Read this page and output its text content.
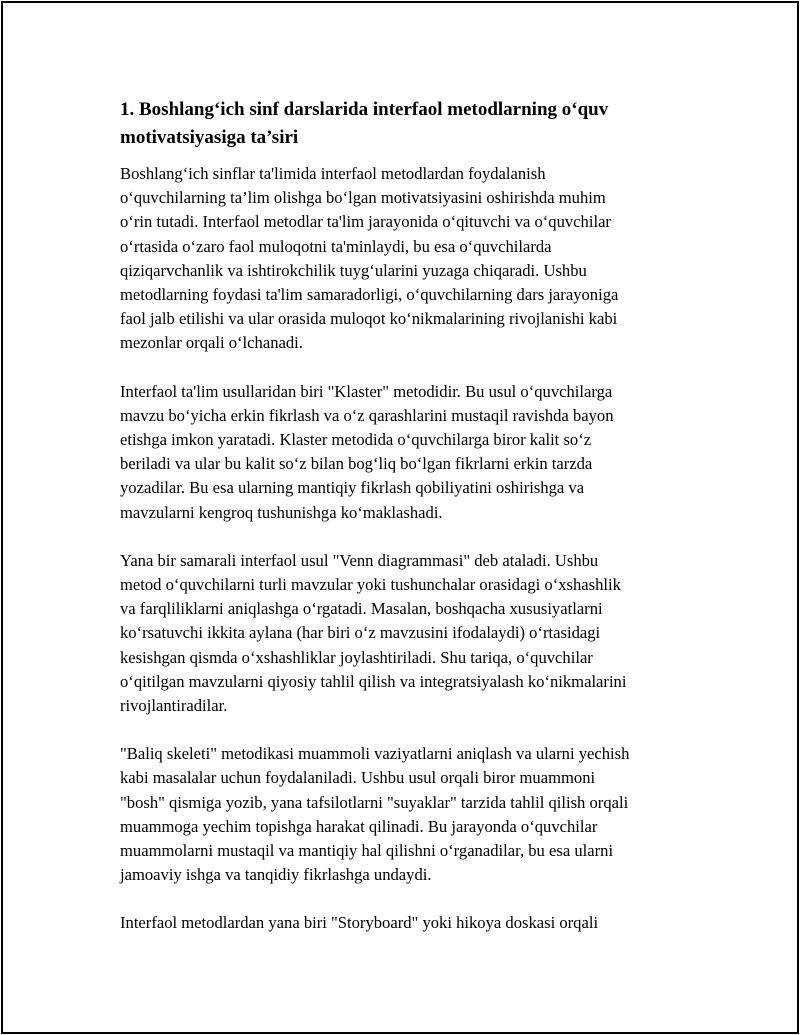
1. Boshlang‘ich sinf darslarida interfaol metodlarning o‘quv
motivatsiyasiga ta’siri

Boshlang‘ich sinflar ta'limida interfaol metodlardan foydalanish
o‘quvchilarning ta’lim olishga bo‘lgan motivatsiyasini oshirishda muhim
o‘rin tutadi. Interfaol metodlar ta'lim jarayonida o‘qituvchi va o‘quvchilar
o‘rtasida o‘zaro faol muloqotni ta'minlaydi, bu esa o‘quvchilarda
qiziqarvchanlik va ishtirokchilik tuyg‘ularini yuzaga chiqaradi. Ushbu
metodlarning foydasi ta'lim samaradorligi, o‘quvchilarning dars jarayoniga
faol jalb etilishi va ular orasida muloqot ko‘nikmalarining rivojlanishi kabi
mezonlar orqali o‘lchanadi.

Interfaol ta'lim usullaridan biri "Klaster" metodidir. Bu usul o‘quvchilarga
mavzu bo‘yicha erkin fikrlash va o‘z qarashlarini mustaqil ravishda bayon
etishga imkon yaratadi. Klaster metodida o‘quvchilarga biror kalit so‘z
beriladi va ular bu kalit so‘z bilan bog‘liq bo‘lgan fikrlarni erkin tarzda
yozadilar. Bu esa ularning mantiqiy fikrlash qobiliyatini oshirishga va
mavzularni kengroq tushunishga ko‘maklashadi.

Yana bir samarali interfaol usul "Venn diagrammasi" deb ataladi. Ushbu
metod o‘quvchilarni turli mavzular yoki tushunchalar orasidagi o‘xshashlik
va farqliliklarni aniqlashga o‘rgatadi. Masalan, boshqacha xususiyatlarni
ko‘rsatuvchi ikkita aylana (har biri o‘z mavzusini ifodalaydi) o‘rtasidagi
kesishgan qismda o‘xshashliklar joylashtiriladi. Shu tariqa, o‘quvchilar
o‘qitilgan mavzularni qiyosiy tahlil qilish va integratsiyalash ko‘nikmalarini
rivojlantiradilar.

"Baliq skeleti" metodikasi muammoli vaziyatlarni aniqlash va ularni yechish
kabi masalalar uchun foydalaniladi. Ushbu usul orqali biror muammoni
"bosh" qismiga yozib, yana tafsilotlarni "suyaklar" tarzida tahlil qilish orqali
muammoga yechim topishga harakat qilinadi. Bu jarayonda o‘quvchilar
muammolarni mustaqil va mantiqiy hal qilishni o‘rganadilar, bu esa ularni
jamoaviy ishga va tanqidiy fikrlashga undaydi.

Interfaol metodlardan yana biri "Storyboard" yoki hikoya doskasi orqali
